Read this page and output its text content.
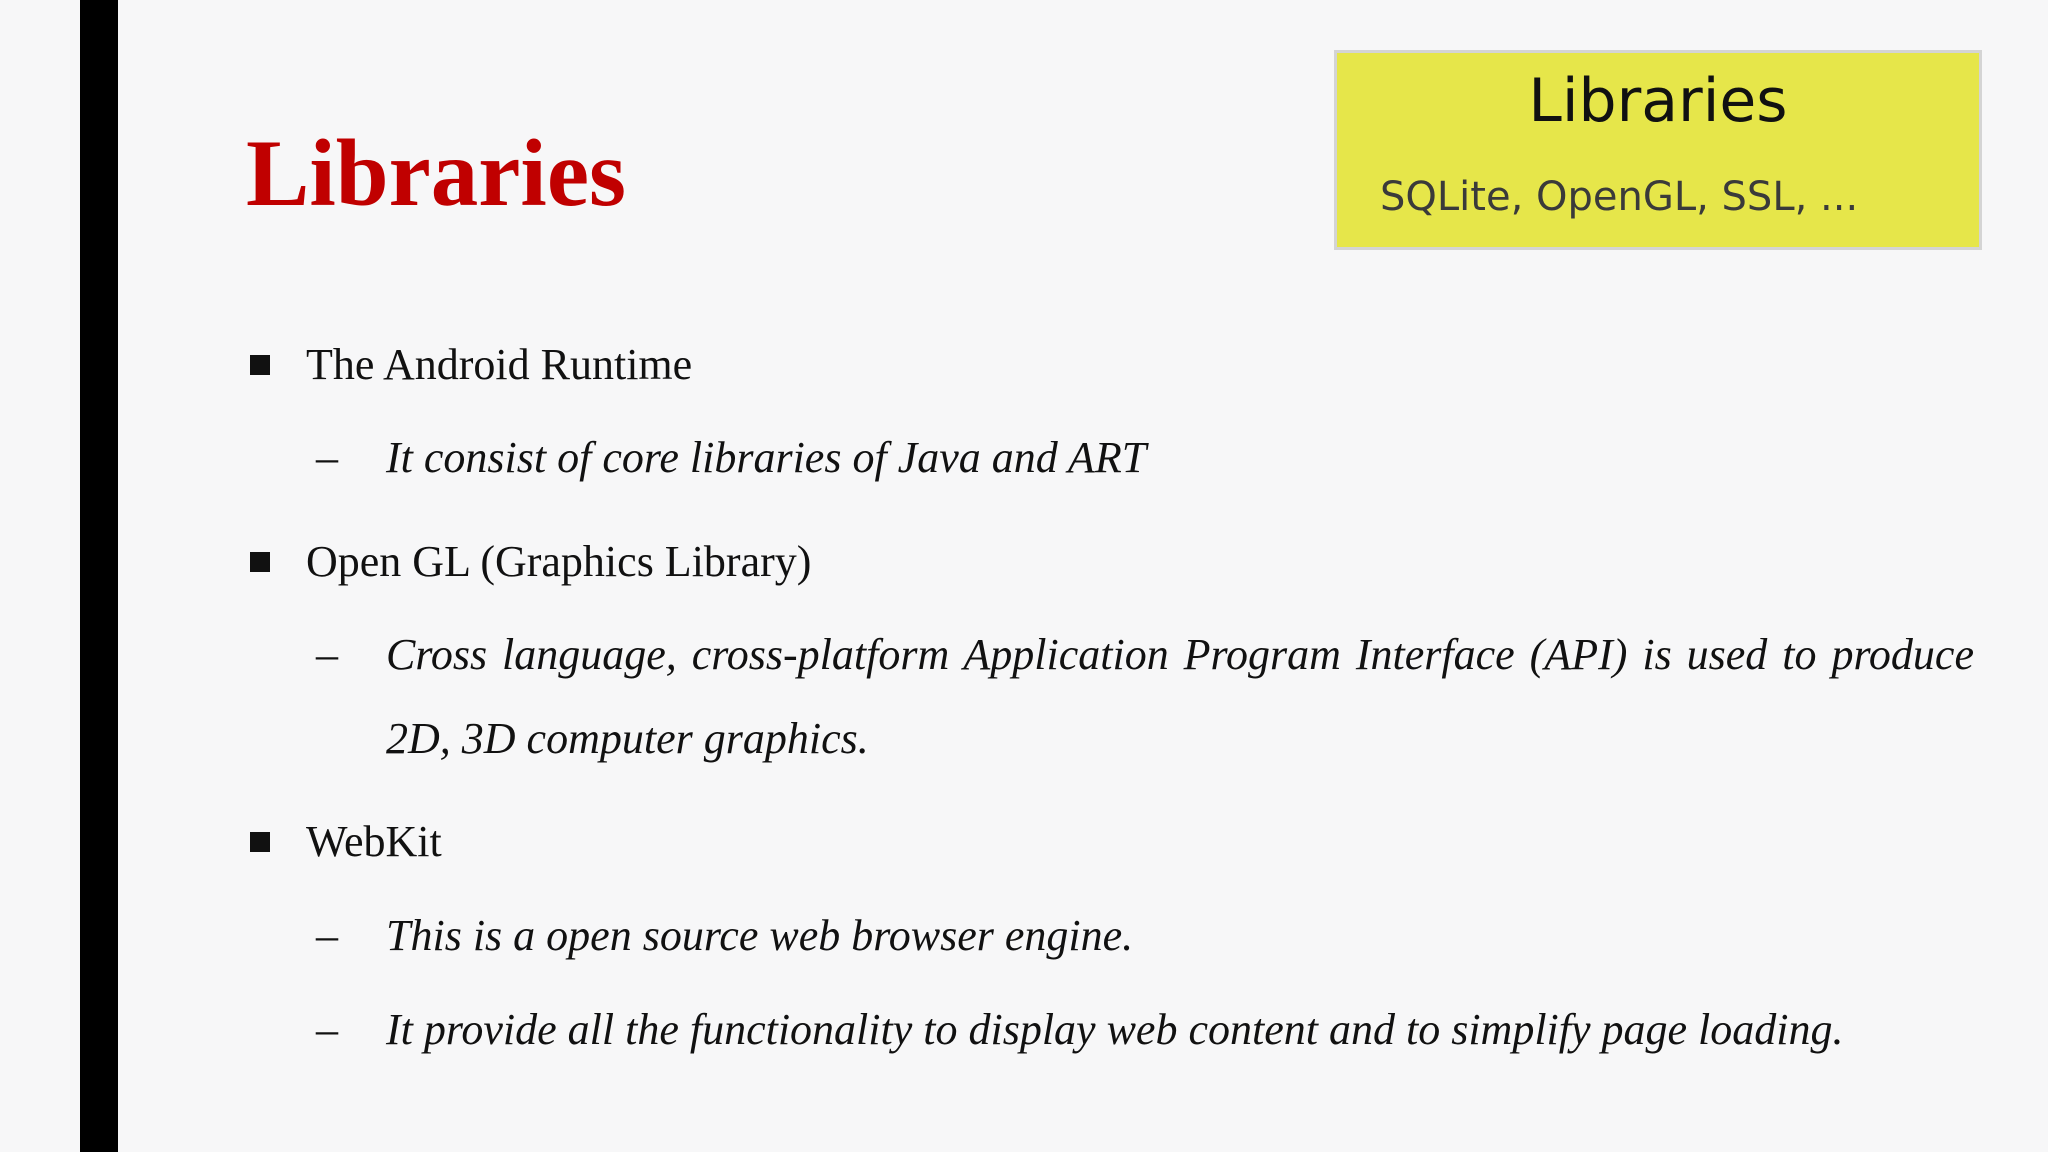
Libraries
Libraries
SQLite, OpenGL, SSL, ...
The Android Runtime
– It consist of core libraries of Java and ART
Open GL (Graphics Library)
– Cross language, cross-platform Application Program Interface (API) is used to produce 2D, 3D computer graphics.
WebKit
– This is a open source web browser engine.
– It provide all the functionality to display web content and to simplify page loading.
